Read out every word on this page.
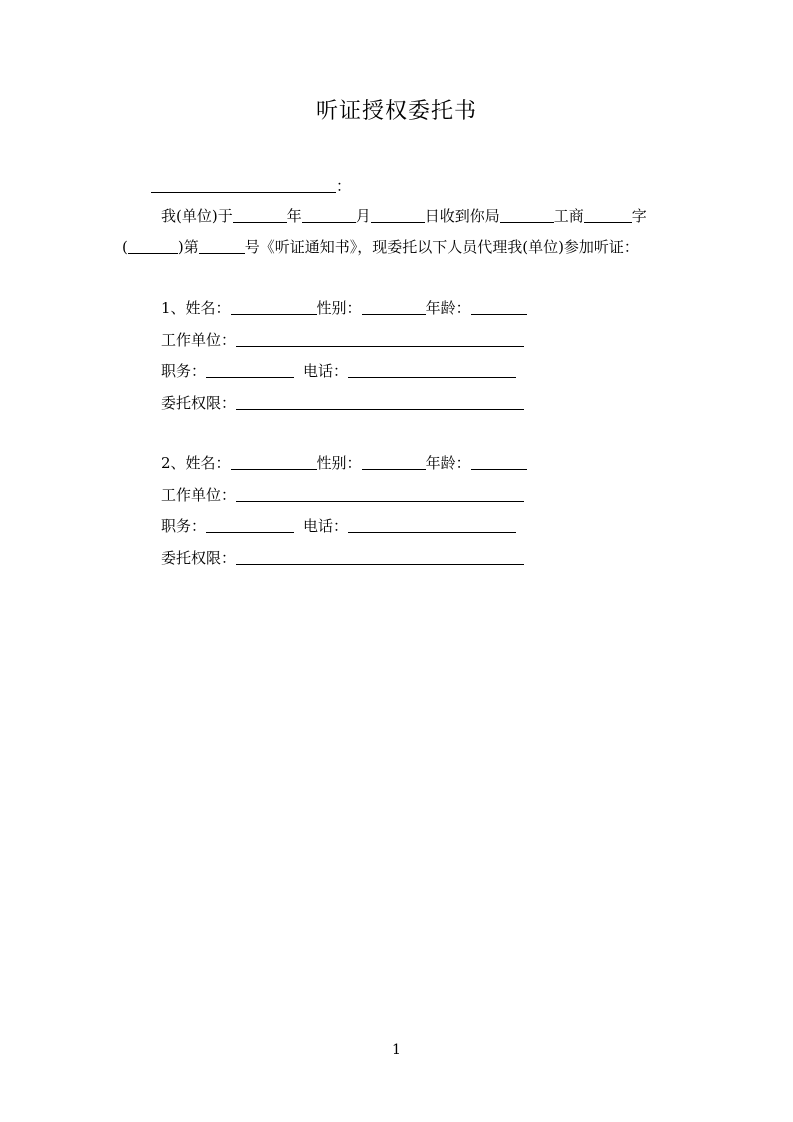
听证授权委托书
：
我(单位)于	年	月	日收到你局	工商	字
(	)第	号《听证通知书》，现委托以下人员代理我(单位)参加听证：
1、姓名：	性别：	年龄：
工作单位：
职务：	电话：
委托权限：
2、姓名：	性别：	年龄：
工作单位：
职务：	电话：
委托权限：
1
